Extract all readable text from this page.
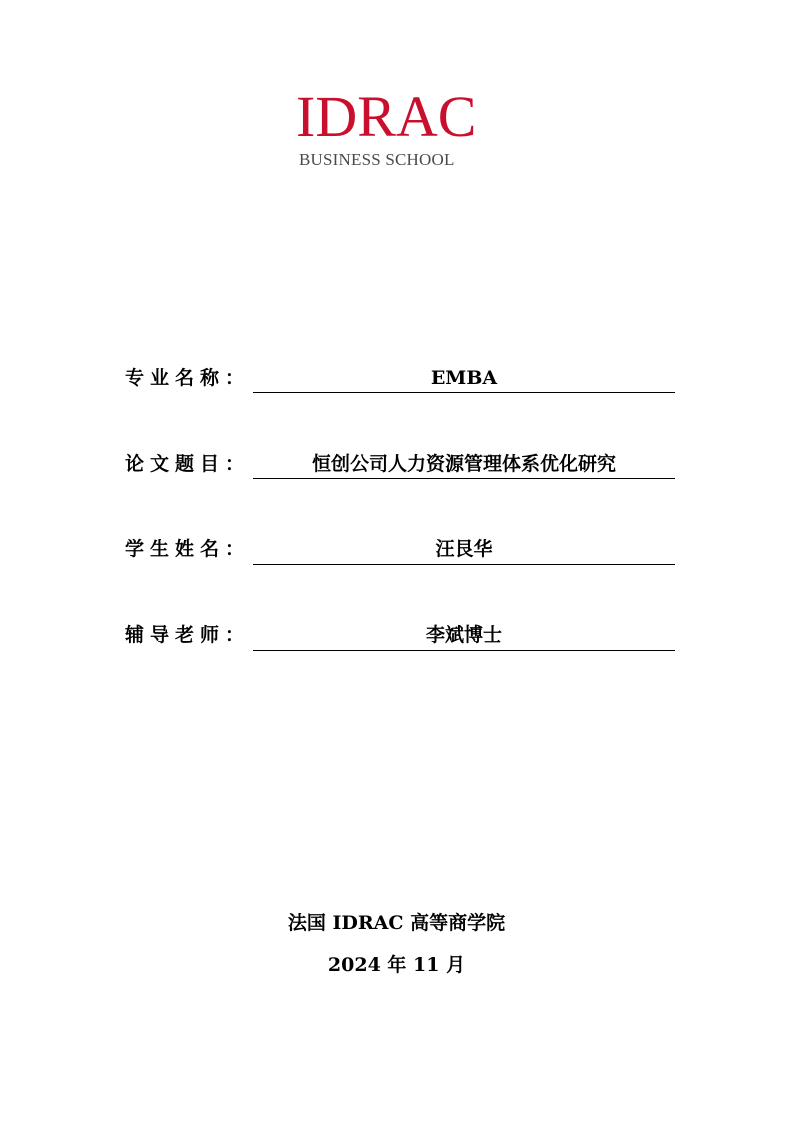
IDRAC
BUSINESS SCHOOL
专业名称：	EMBA
论文题目：	恒创公司人力资源管理体系优化研究
学生姓名：	汪艮华
辅导老师：	李斌博士
法国 IDRAC 高等商学院
2024 年 11 月
